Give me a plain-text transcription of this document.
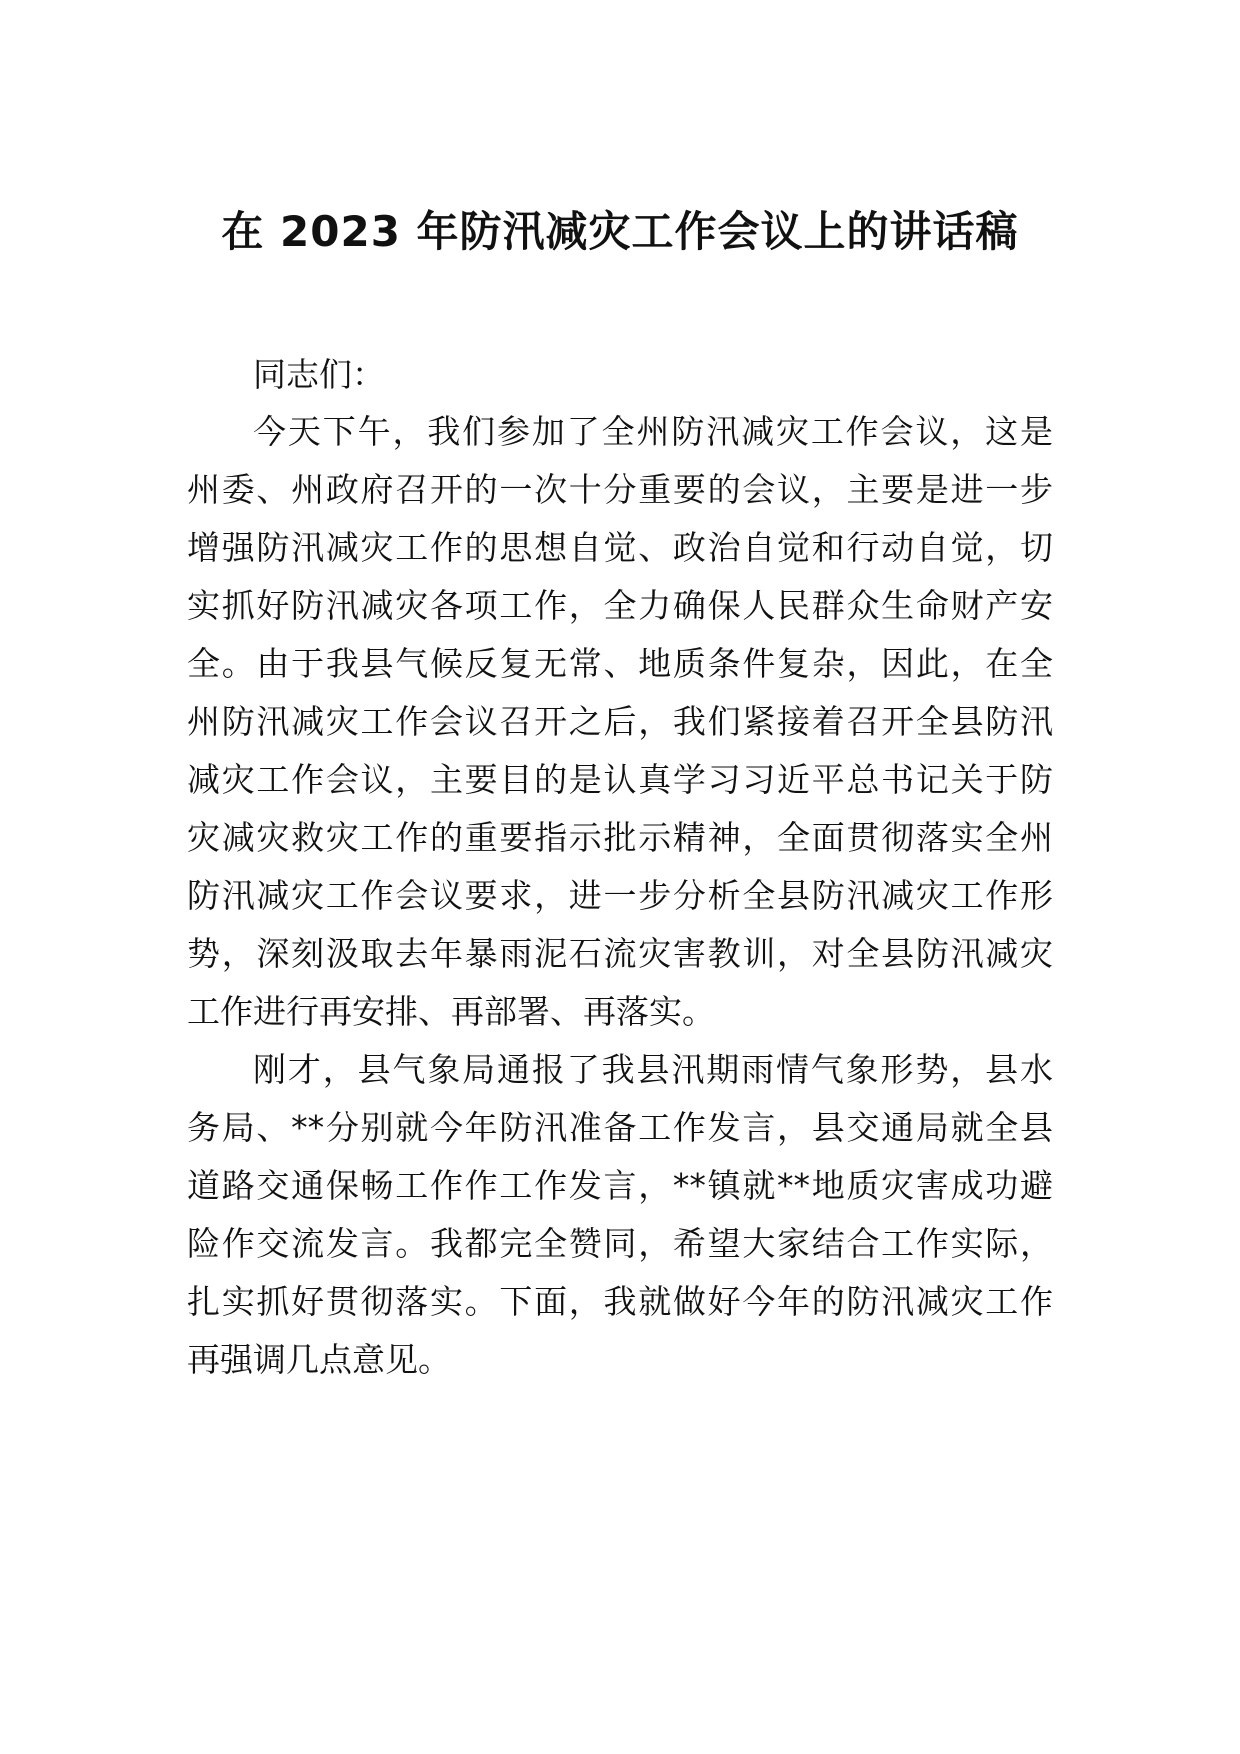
在 2023 年防汛减灾工作会议上的讲话稿

同志们：

今天下午，我们参加了全州防汛减灾工作会议，这是

州委、州政府召开的一次十分重要的会议，主要是进一步

增强防汛减灾工作的思想自觉、政治自觉和行动自觉，切

实抓好防汛减灾各项工作，全力确保人民群众生命财产安

全。由于我县气候反复无常、地质条件复杂，因此，在全

州防汛减灾工作会议召开之后，我们紧接着召开全县防汛

减灾工作会议，主要目的是认真学习习近平总书记关于防

灾减灾救灾工作的重要指示批示精神，全面贯彻落实全州

防汛减灾工作会议要求，进一步分析全县防汛减灾工作形

势，深刻汲取去年暴雨泥石流灾害教训，对全县防汛减灾

工作进行再安排、再部署、再落实。

刚才，县气象局通报了我县汛期雨情气象形势，县水

务局、**分别就今年防汛准备工作发言，县交通局就全县

道路交通保畅工作作工作发言，**镇就**地质灾害成功避

险作交流发言。我都完全赞同，希望大家结合工作实际，

扎实抓好贯彻落实。下面，我就做好今年的防汛减灾工作

再强调几点意见。
